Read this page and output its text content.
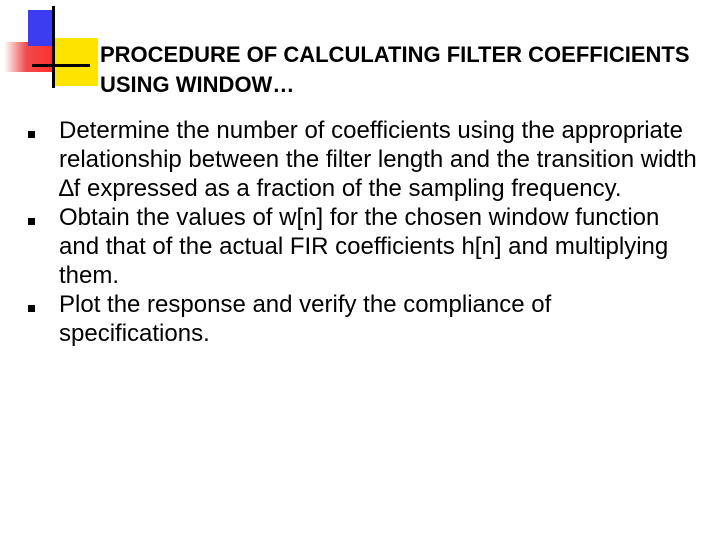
PROCEDURE OF CALCULATING FILTER COEFFICIENTS USING WINDOW…
Determine the number of coefficients using the appropriate relationship between the filter length and the transition width ∆f expressed as a fraction of the sampling frequency.
Obtain the values of w[n] for the chosen window function and that of the actual FIR coefficients h[n] and multiplying them.
Plot the response and verify the compliance of specifications.
